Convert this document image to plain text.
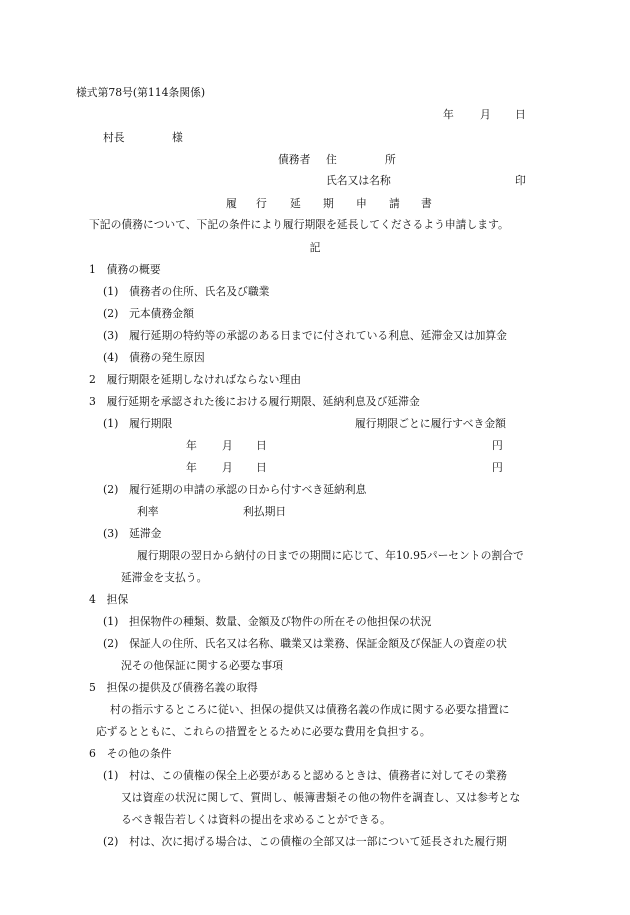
様式第78号(第114条関係)
年 月 日
村長	様
債務者 住	所
氏名又は名称	印
履 行 延 期 申 請 書
下記の債務について、下記の条件により履行期限を延長してくださるよう申請します。
記
1　債務の概要
(1)　債務者の住所、氏名及び職業
(2)　元本債務金額
(3)　履行延期の特約等の承認のある日までに付されている利息、延滞金又は加算金
(4)　債務の発生原因
2　履行期限を延期しなければならない理由
3　履行延期を承認された後における履行期限、延納利息及び延滞金
(1)　履行期限	履行期限ごとに履行すべき金額
年 月 日	円
年 月 日	円
(2)　履行延期の申請の承認の日から付すべき延納利息
利率	利払期日
(3)　延滞金
履行期限の翌日から納付の日までの期間に応じて、年10.95パーセントの割合で
延滞金を支払う。
4　担保
(1)　担保物件の種類、数量、金額及び物件の所在その他担保の状況
(2)　保証人の住所、氏名又は名称、職業又は業務、保証金額及び保証人の資産の状
況その他保証に関する必要な事項
5　担保の提供及び債務名義の取得
村の指示するところに従い、担保の提供又は債務名義の作成に関する必要な措置に
応ずるとともに、これらの措置をとるために必要な費用を負担する。
6　その他の条件
(1)　村は、この債権の保全上必要があると認めるときは、債務者に対してその業務
又は資産の状況に関して、質問し、帳簿書類その他の物件を調査し、又は参考とな
るべき報告若しくは資料の提出を求めることができる。
(2)　村は、次に掲げる場合は、この債権の全部又は一部について延長された履行期
